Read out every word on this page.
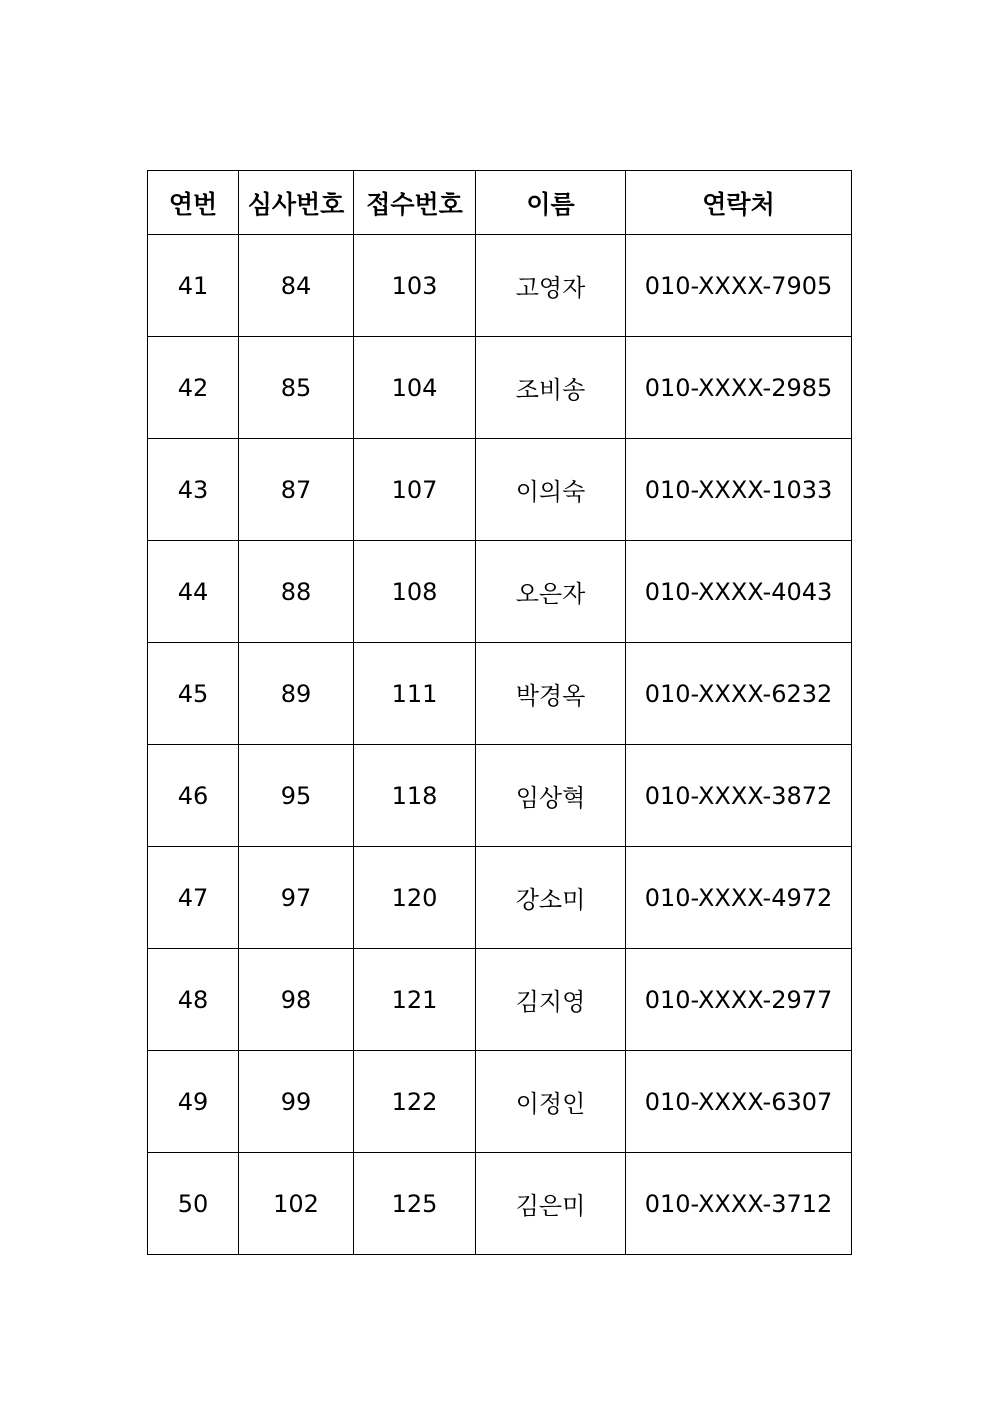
연번	심사번호	접수번호	이름	연락처
41	84	103	고영자	010-XXXX-7905
42	85	104	조비송	010-XXXX-2985
43	87	107	이의숙	010-XXXX-1033
44	88	108	오은자	010-XXXX-4043
45	89	111	박경옥	010-XXXX-6232
46	95	118	임상혁	010-XXXX-3872
47	97	120	강소미	010-XXXX-4972
48	98	121	김지영	010-XXXX-2977
49	99	122	이정인	010-XXXX-6307
50	102	125	김은미	010-XXXX-3712
